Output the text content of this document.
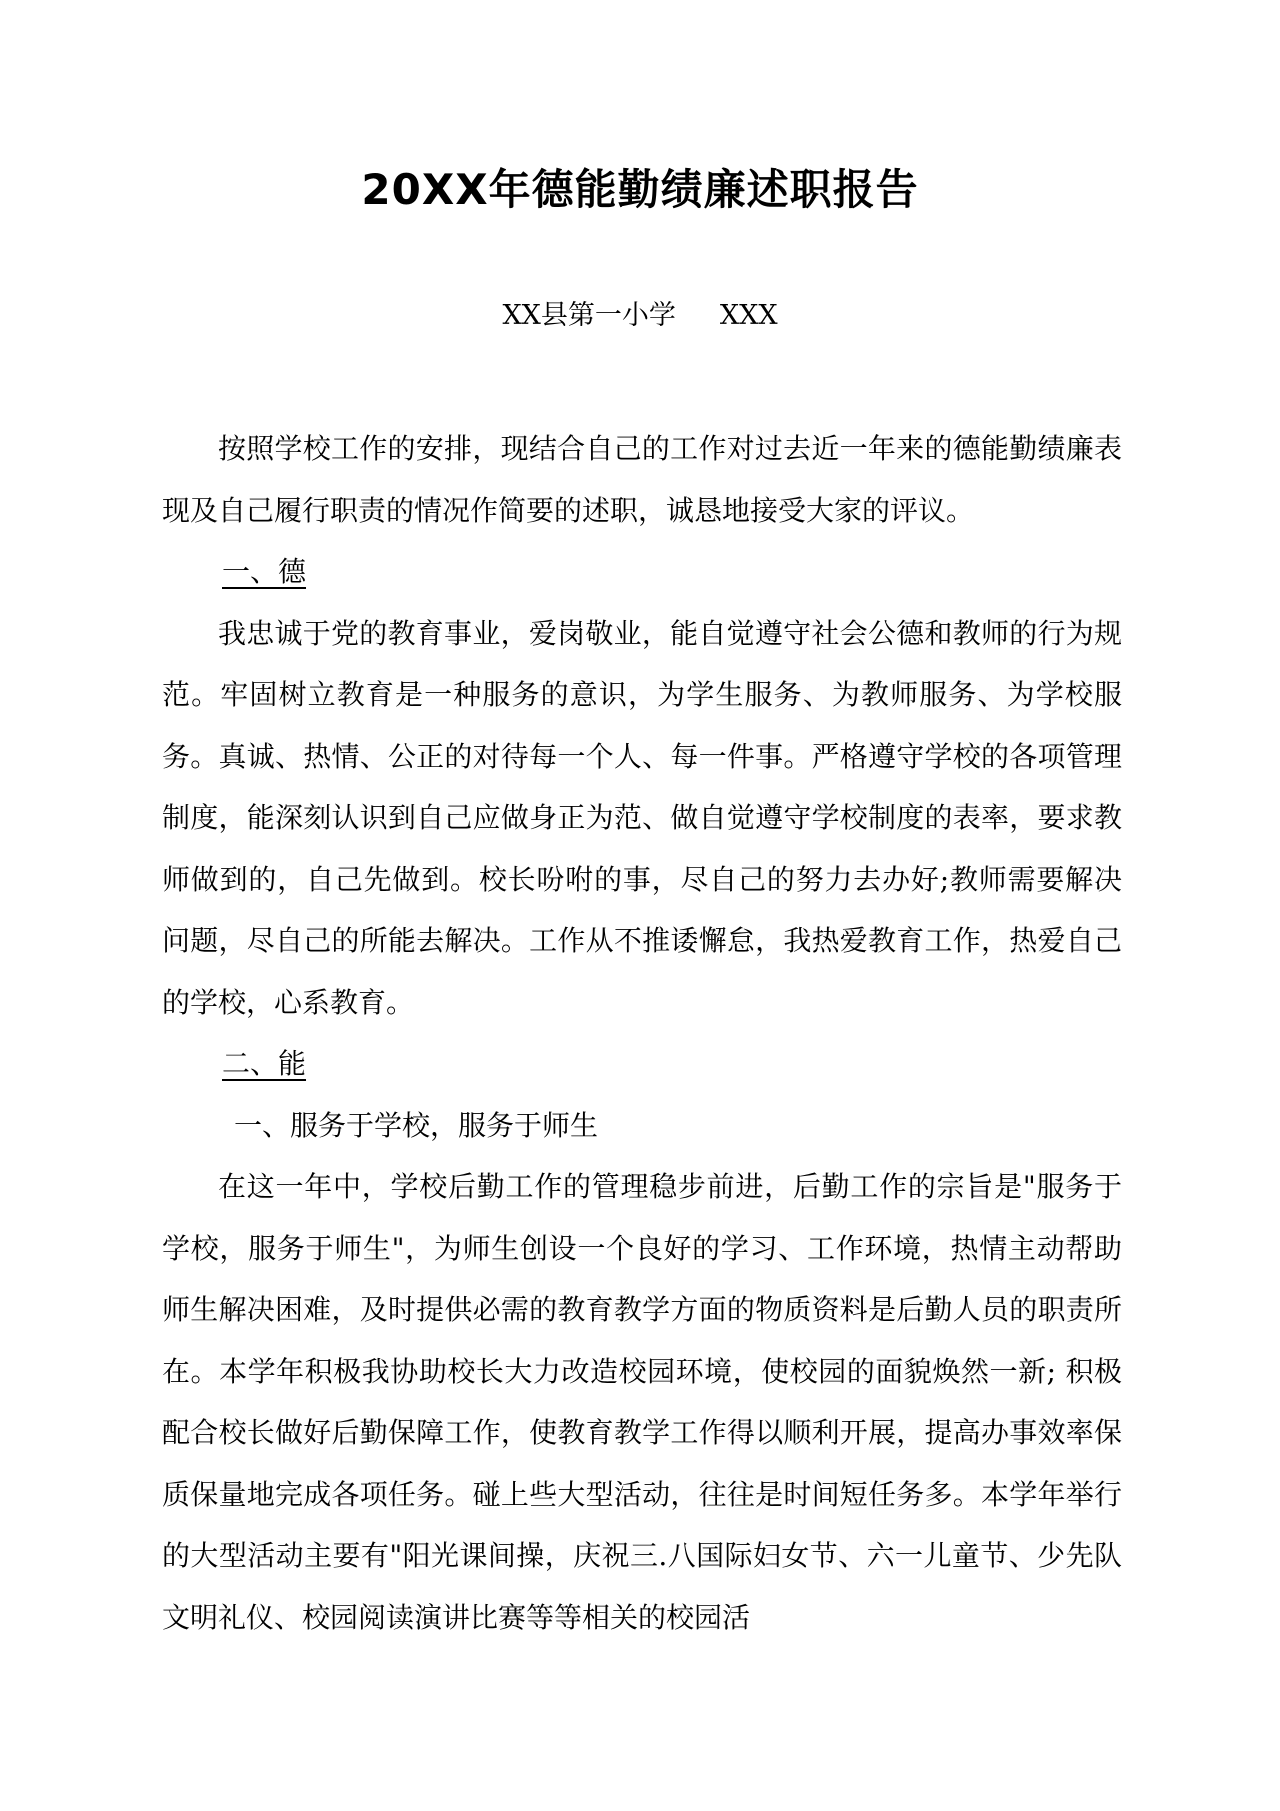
20XX年德能勤绩廉述职报告
XX县第一小学 XXX

按照学校工作的安排，现结合自己的工作对过去近一年来的德能勤绩廉表现及自己履行职责的情况作简要的述职，诚恳地接受大家的评议。

一、德

我忠诚于党的教育事业，爱岗敬业，能自觉遵守社会公德和教师的行为规范。牢固树立教育是一种服务的意识，为学生服务、为教师服务、为学校服务。真诚、热情、公正的对待每一个人、每一件事。严格遵守学校的各项管理制度，能深刻认识到自己应做身正为范、做自觉遵守学校制度的表率，要求教师做到的，自己先做到。校长吩咐的事，尽自己的努力去办好;教师需要解决问题，尽自己的所能去解决。工作从不推诿懈怠，我热爱教育工作，热爱自己的学校，心系教育。

二、能
一、服务于学校，服务于师生

在这一年中，学校后勤工作的管理稳步前进，后勤工作的宗旨是"服务于学校，服务于师生"，为师生创设一个良好的学习、工作环境，热情主动帮助师生解决困难，及时提供必需的教育教学方面的物质资料是后勤人员的职责所在。本学年积极我协助校长大力改造校园环境，使校园的面貌焕然一新; 积极配合校长做好后勤保障工作，使教育教学工作得以顺利开展，提高办事效率保质保量地完成各项任务。碰上些大型活动，往往是时间短任务多。本学年举行的大型活动主要有"阳光课间操，庆祝三.八国际妇女节、六一儿童节、少先队文明礼仪、校园阅读演讲比赛等等相关的校园活
